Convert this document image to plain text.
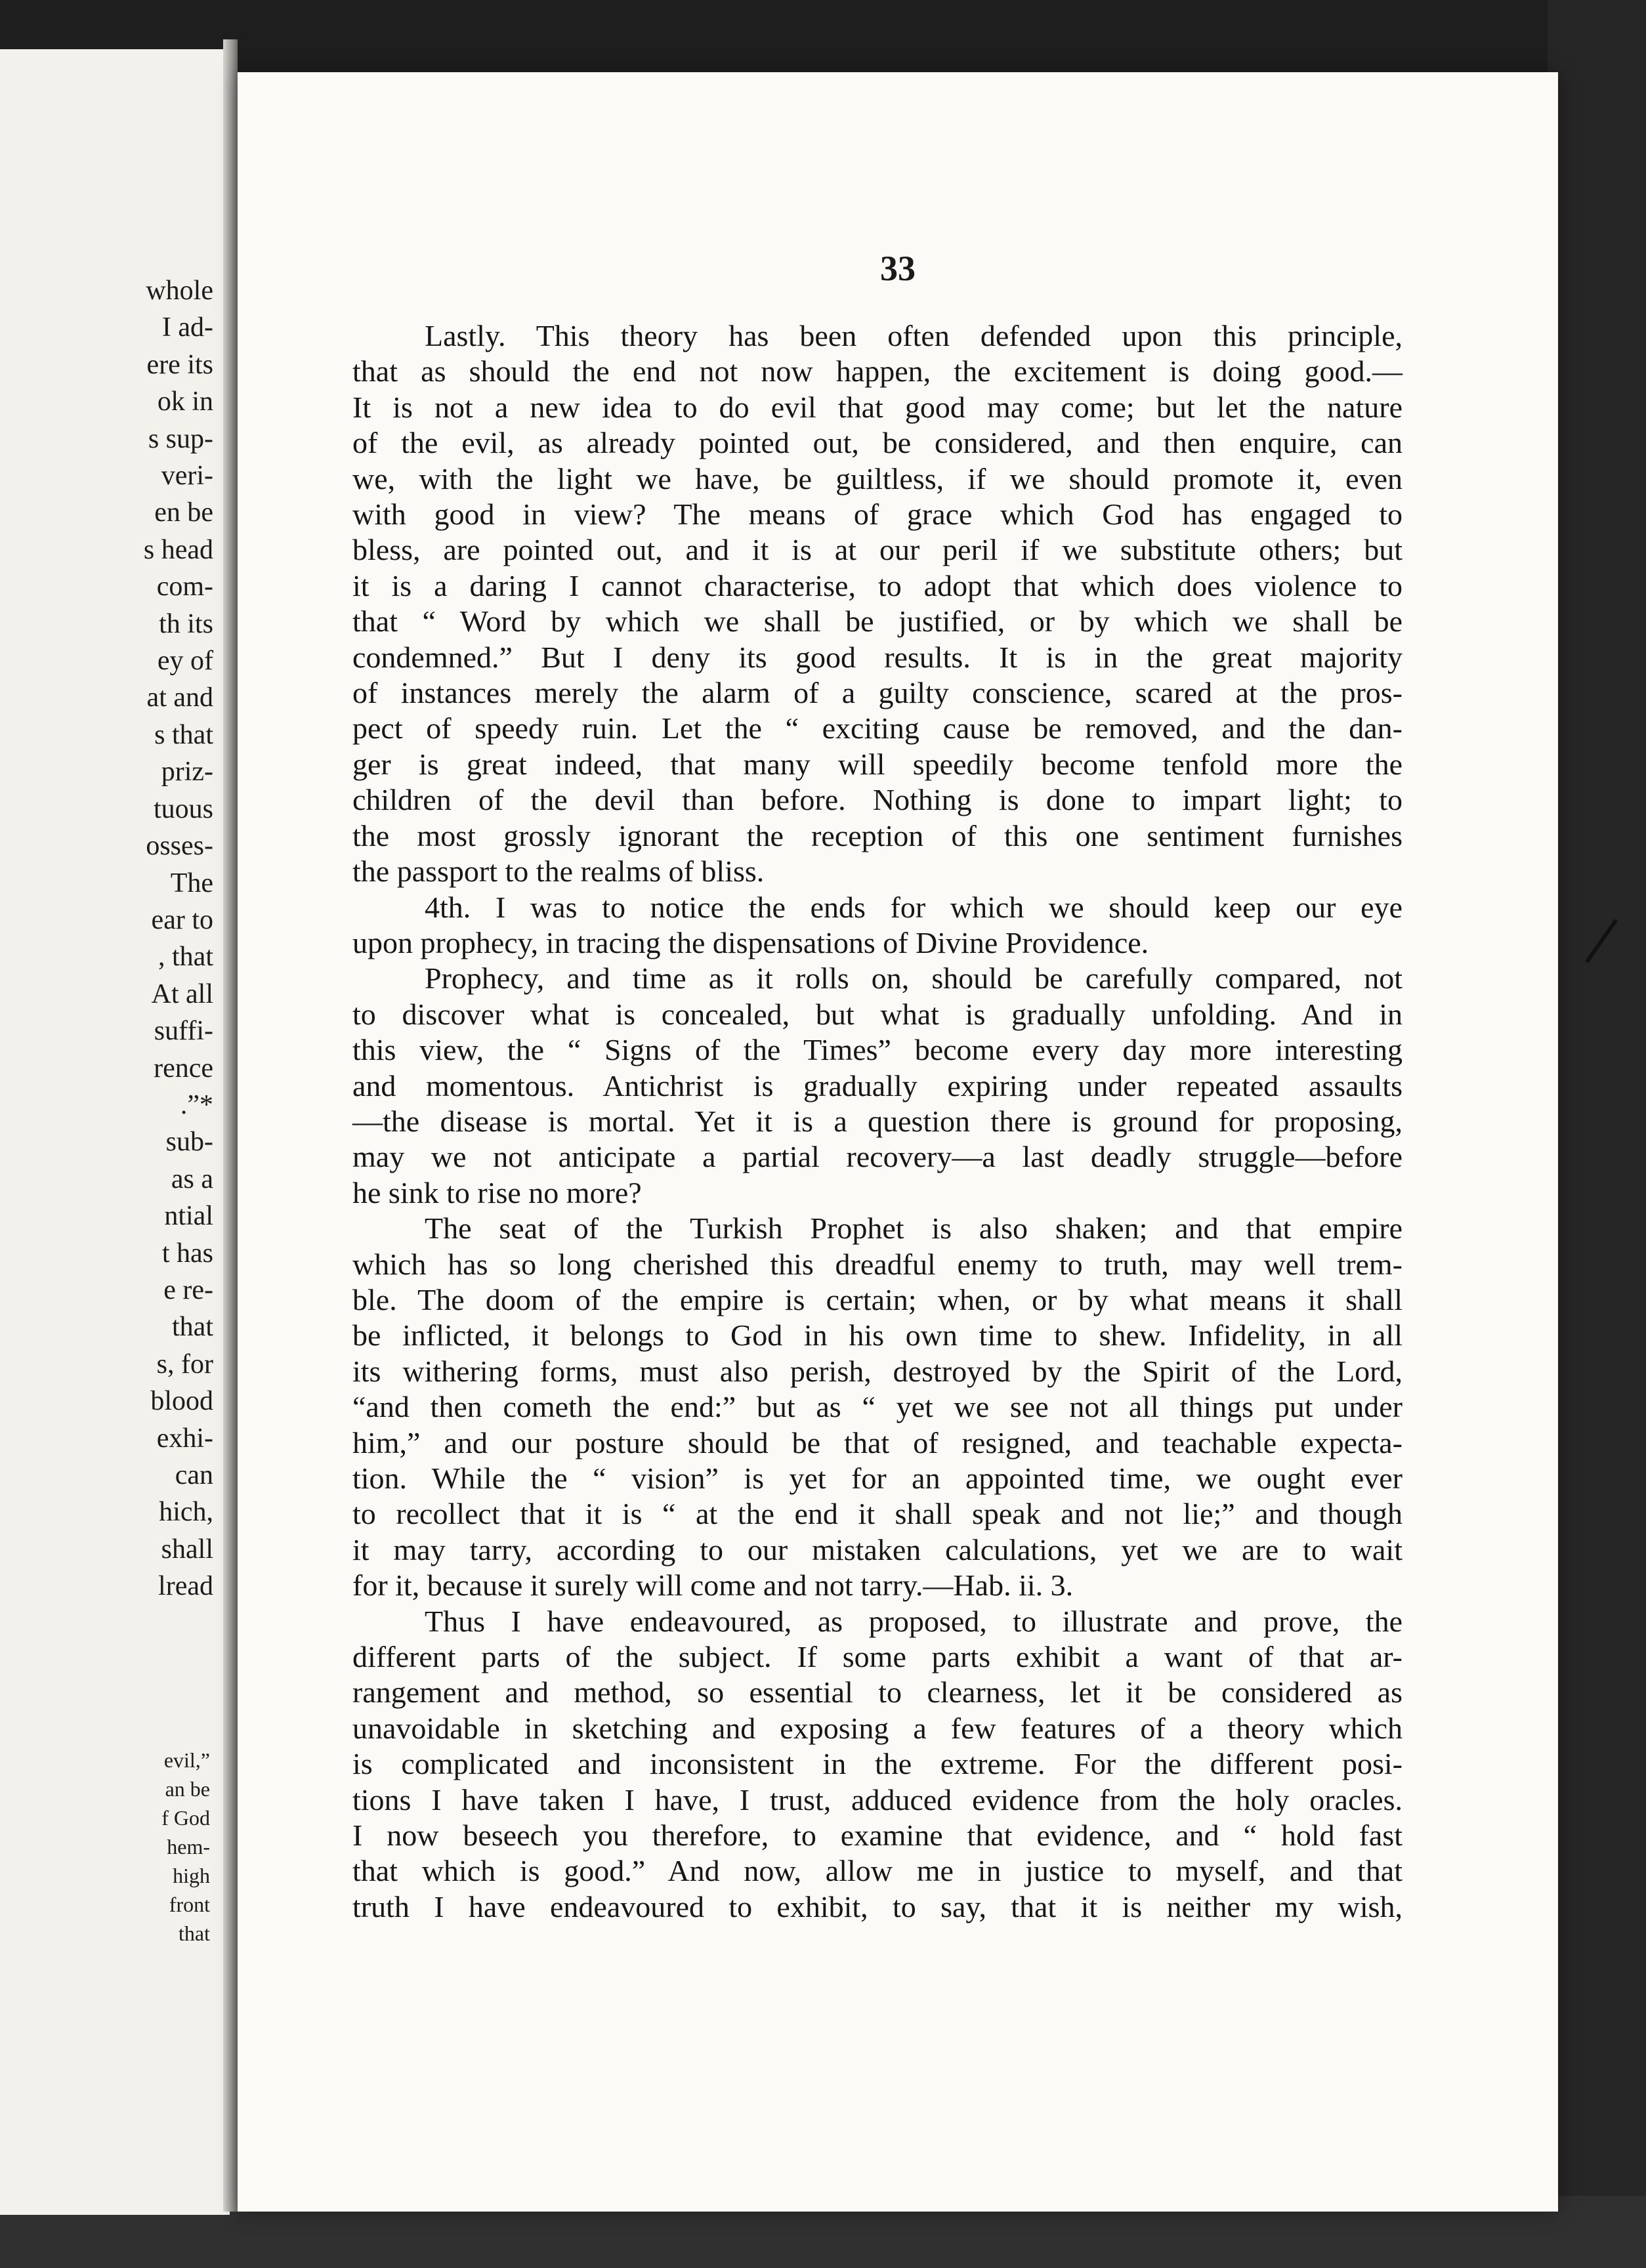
whole
I ad-
ere its
ok in
s sup-
veri-
en be
s head
com-
th its
ey of
at and
s that
priz-
tuous
osses-
The
ear to
, that
At all
suffi-
rence
.”*
sub-
as a
ntial
t has
e re-
that
s, for
blood
exhi-
can
hich,
shall
lread
evil,”
an be
f God
hem-
high
front
that
33

Lastly. This theory has been often defended upon this principle,
that as should the end not now happen, the excitement is doing good.—
It is not a new idea to do evil that good may come; but let the nature
of the evil, as already pointed out, be considered, and then enquire, can
we, with the light we have, be guiltless, if we should promote it, even
with good in view? The means of grace which God has engaged to
bless, are pointed out, and it is at our peril if we substitute others; but
it is a daring I cannot characterise, to adopt that which does violence to
that “ Word by which we shall be justified, or by which we shall be
condemned.” But I deny its good results. It is in the great majority
of instances merely the alarm of a guilty conscience, scared at the pros-
pect of speedy ruin. Let the “ exciting cause be removed, and the dan-
ger is great indeed, that many will speedily become tenfold more the
children of the devil than before. Nothing is done to impart light; to
the most grossly ignorant the reception of this one sentiment furnishes
the passport to the realms of bliss.

4th. I was to notice the ends for which we should keep our eye
upon prophecy, in tracing the dispensations of Divine Providence.

Prophecy, and time as it rolls on, should be carefully compared, not
to discover what is concealed, but what is gradually unfolding. And in
this view, the “ Signs of the Times” become every day more interesting
and momentous. Antichrist is gradually expiring under repeated assaults
—the disease is mortal. Yet it is a question there is ground for proposing,
may we not anticipate a partial recovery—a last deadly struggle—before
he sink to rise no more?

The seat of the Turkish Prophet is also shaken; and that empire
which has so long cherished this dreadful enemy to truth, may well trem-
ble. The doom of the empire is certain; when, or by what means it shall
be inflicted, it belongs to God in his own time to shew. Infidelity, in all
its withering forms, must also perish, destroyed by the Spirit of the Lord,
“and then cometh the end:” but as “ yet we see not all things put under
him,” and our posture should be that of resigned, and teachable expecta-
tion. While the “ vision” is yet for an appointed time, we ought ever
to recollect that it is “ at the end it shall speak and not lie;” and though
it may tarry, according to our mistaken calculations, yet we are to wait
for it, because it surely will come and not tarry.—Hab. ii. 3.

Thus I have endeavoured, as proposed, to illustrate and prove, the
different parts of the subject. If some parts exhibit a want of that ar-
rangement and method, so essential to clearness, let it be considered as
unavoidable in sketching and exposing a few features of a theory which
is complicated and inconsistent in the extreme. For the different posi-
tions I have taken I have, I trust, adduced evidence from the holy oracles.
I now beseech you therefore, to examine that evidence, and “ hold fast
that which is good.” And now, allow me in justice to myself, and that
truth I have endeavoured to exhibit, to say, that it is neither my wish,
